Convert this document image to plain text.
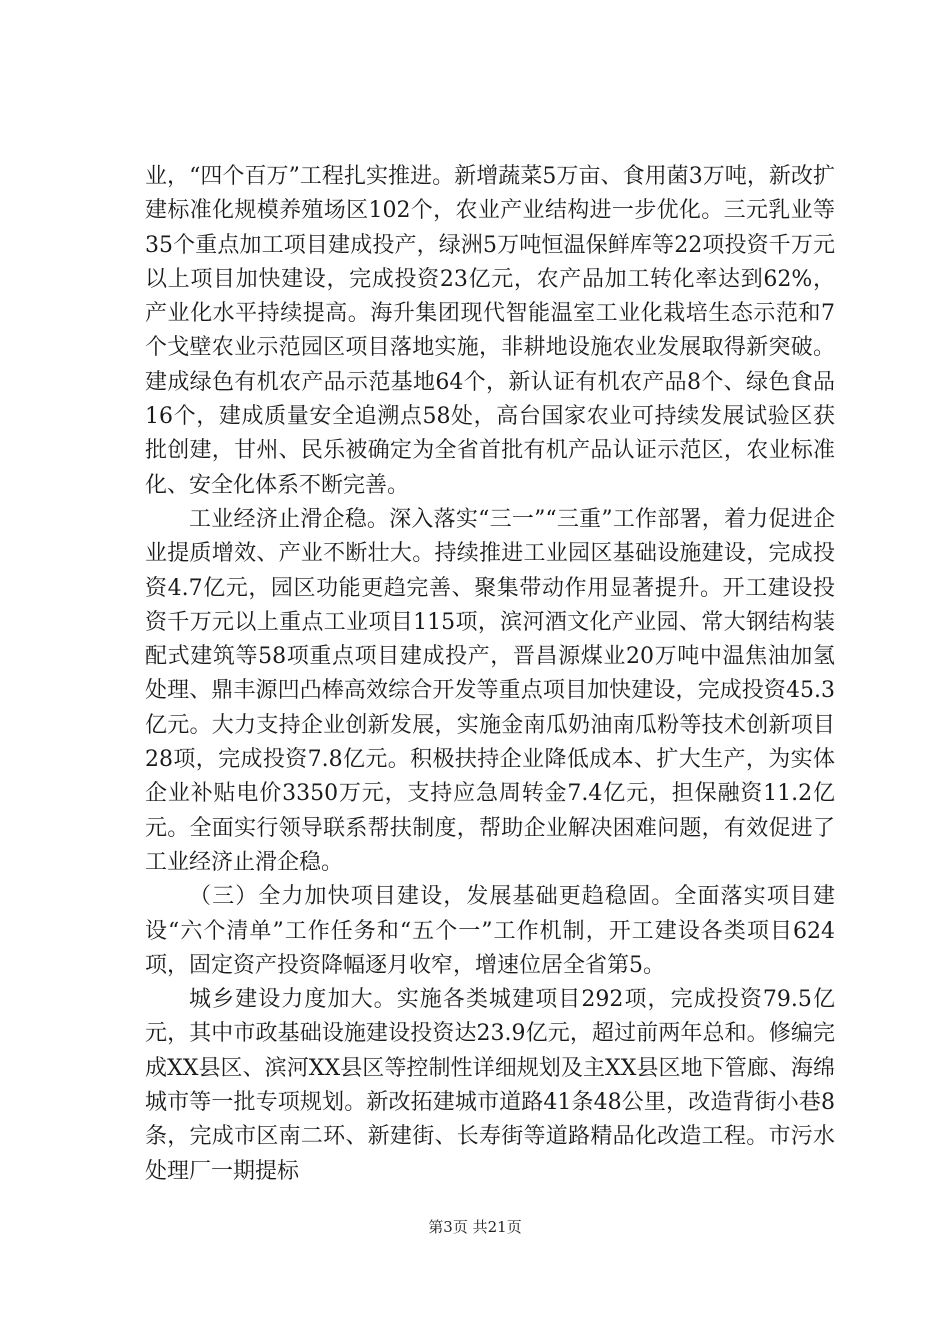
业，“四个百万”工程扎实推进。新增蔬菜5万亩、食用菌3万吨，新改扩建标准化规模养殖场区102个，农业产业结构进一步优化。三元乳业等35个重点加工项目建成投产，绿洲5万吨恒温保鲜库等22项投资千万元以上项目加快建设，完成投资23亿元，农产品加工转化率达到62%，产业化水平持续提高。海升集团现代智能温室工业化栽培生态示范和7个戈壁农业示范园区项目落地实施，非耕地设施农业发展取得新突破。建成绿色有机农产品示范基地64个，新认证有机农产品8个、绿色食品16个，建成质量安全追溯点58处，高台国家农业可持续发展试验区获批创建，甘州、民乐被确定为全省首批有机产品认证示范区，农业标准化、安全化体系不断完善。

工业经济止滑企稳。深入落实“三一”“三重”工作部署，着力促进企业提质增效、产业不断壮大。持续推进工业园区基础设施建设，完成投资4.7亿元，园区功能更趋完善、聚集带动作用显著提升。开工建设投资千万元以上重点工业项目115项，滨河酒文化产业园、常大钢结构装配式建筑等58项重点项目建成投产，晋昌源煤业20万吨中温焦油加氢处理、鼎丰源凹凸棒高效综合开发等重点项目加快建设，完成投资45.3亿元。大力支持企业创新发展，实施金南瓜奶油南瓜粉等技术创新项目28项，完成投资7.8亿元。积极扶持企业降低成本、扩大生产，为实体企业补贴电价3350万元，支持应急周转金7.4亿元，担保融资11.2亿元。全面实行领导联系帮扶制度，帮助企业解决困难问题，有效促进了工业经济止滑企稳。

（三）全力加快项目建设，发展基础更趋稳固。全面落实项目建设“六个清单”工作任务和“五个一”工作机制，开工建设各类项目624项，固定资产投资降幅逐月收窄，增速位居全省第5。

城乡建设力度加大。实施各类城建项目292项，完成投资79.5亿元，其中市政基础设施建设投资达23.9亿元，超过前两年总和。修编完成XX县区、滨河XX县区等控制性详细规划及主XX县区地下管廊、海绵城市等一批专项规划。新改拓建城市道路41条48公里，改造背街小巷8条，完成市区南二环、新建街、长寿街等道路精品化改造工程。市污水处理厂一期提标

第3页 共21页
